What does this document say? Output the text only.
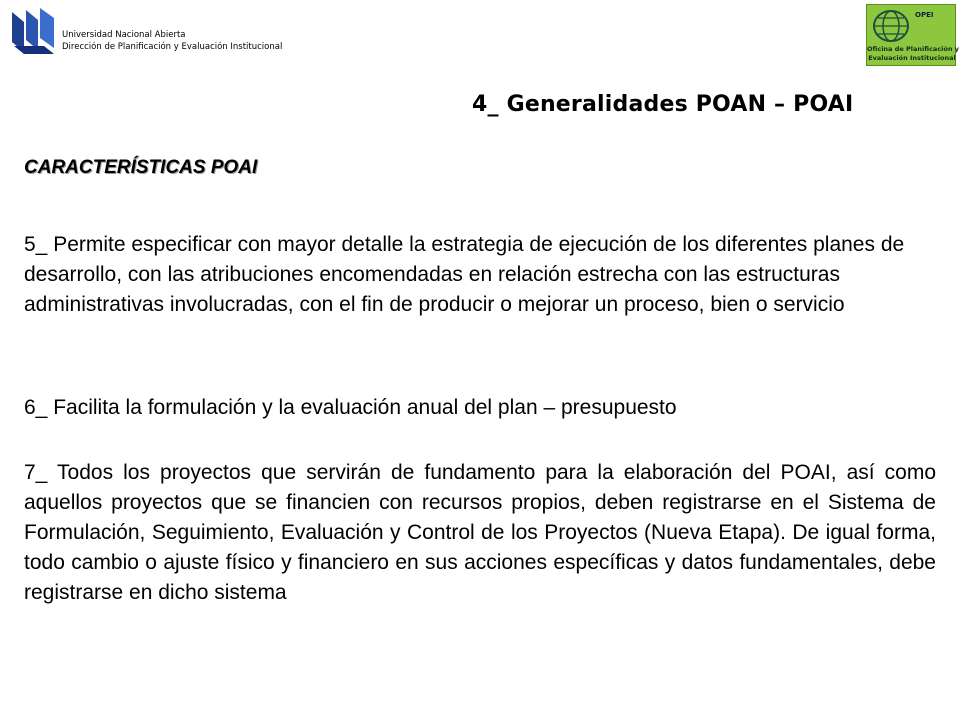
Universidad Nacional Abierta
Dirección de Planificación y Evaluación Institucional
OPEI
Oficina de Planificación y
Evaluación Institucional
4_ Generalidades POAN – POAI
CARACTERÍSTICAS POAI

5_ Permite especificar con mayor detalle la estrategia de ejecución de los diferentes planes de desarrollo, con las atribuciones encomendadas en relación estrecha con las estructuras administrativas involucradas, con el fin de producir o mejorar un proceso, bien o servicio

6_ Facilita la formulación y la evaluación anual del plan – presupuesto

7_ Todos los proyectos que servirán de fundamento para la elaboración del POAI, así como aquellos proyectos que se financien con recursos propios, deben registrarse en el Sistema de Formulación, Seguimiento, Evaluación y Control de los Proyectos (Nueva Etapa). De igual forma, todo cambio o ajuste físico y financiero en sus acciones específicas y datos fundamentales, debe registrarse en dicho sistema
